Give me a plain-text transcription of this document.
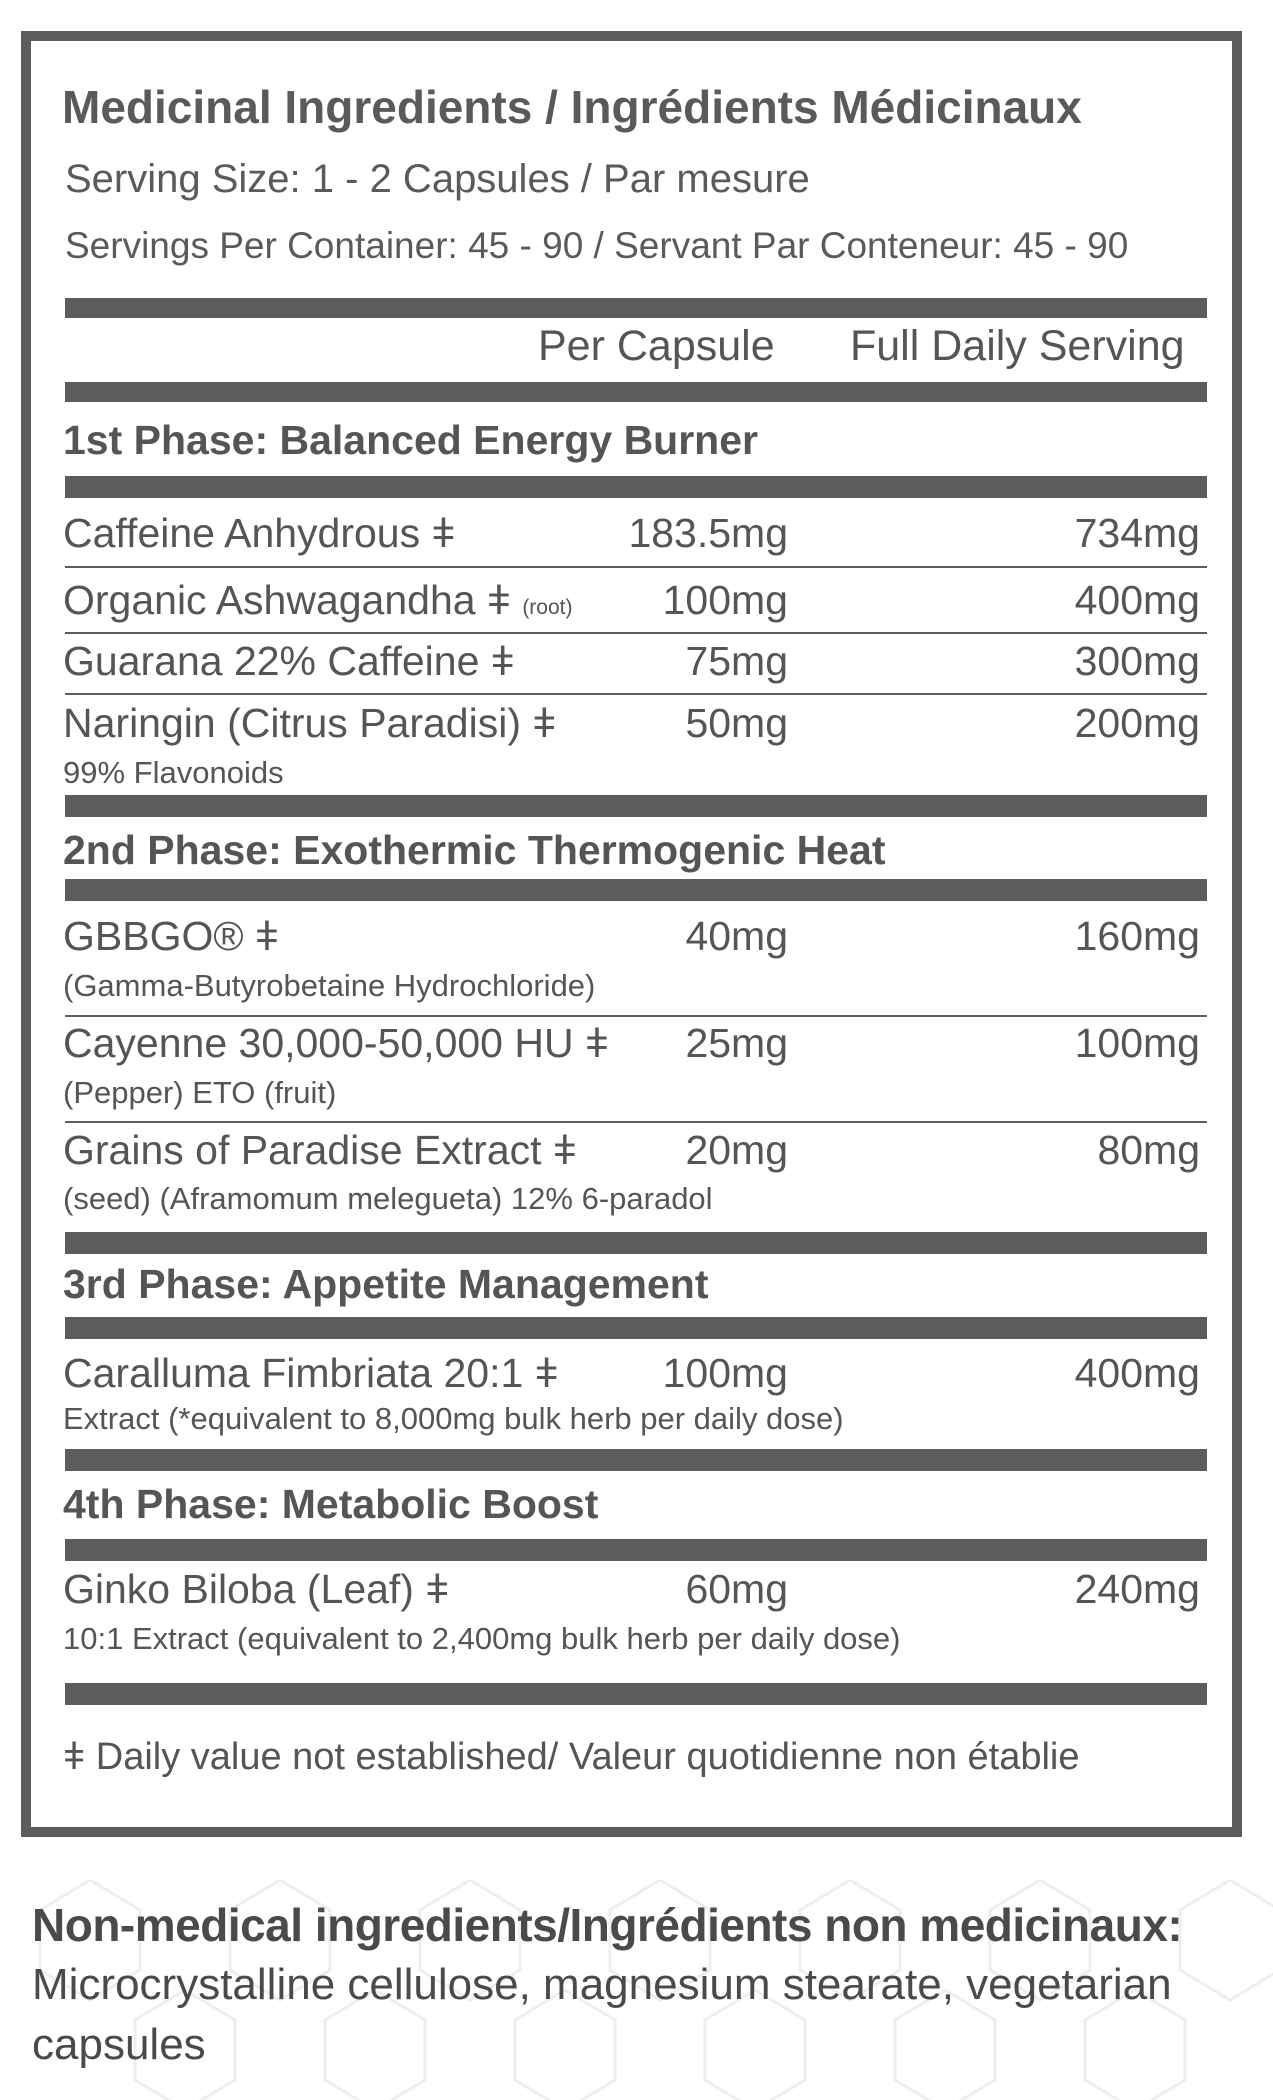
Medicinal Ingredients / Ingrédients Médicinaux
Serving Size: 1 - 2 Capsules / Par mesure
Servings Per Container: 45 - 90 / Servant Par Conteneur: 45 - 90
Per Capsule Full Daily Serving
1st Phase: Balanced Energy Burner
Caffeine Anhydrous ǂ	183.5mg	734mg
Organic Ashwagandha ǂ (root)	100mg	400mg
Guarana 22% Caffeine ǂ	75mg	300mg
Naringin (Citrus Paradisi) ǂ	50mg	200mg
99% Flavonoids
2nd Phase: Exothermic Thermogenic Heat
GBBGO® ǂ	40mg	160mg
(Gamma-Butyrobetaine Hydrochloride)
Cayenne 30,000-50,000 HU ǂ	25mg	100mg
(Pepper) ETO (fruit)
Grains of Paradise Extract ǂ	20mg	80mg
(seed) (Aframomum melegueta) 12% 6-paradol
3rd Phase: Appetite Management
Caralluma Fimbriata 20:1 ǂ	100mg	400mg
Extract (*equivalent to 8,000mg bulk herb per daily dose)
4th Phase: Metabolic Boost
Ginko Biloba (Leaf) ǂ	60mg	240mg
10:1 Extract (equivalent to 2,400mg bulk herb per daily dose)
ǂ Daily value not established/ Valeur quotidienne non établie
Non-medical ingredients/Ingrédients non medicinaux:
Microcrystalline cellulose, magnesium stearate, vegetarian capsules
